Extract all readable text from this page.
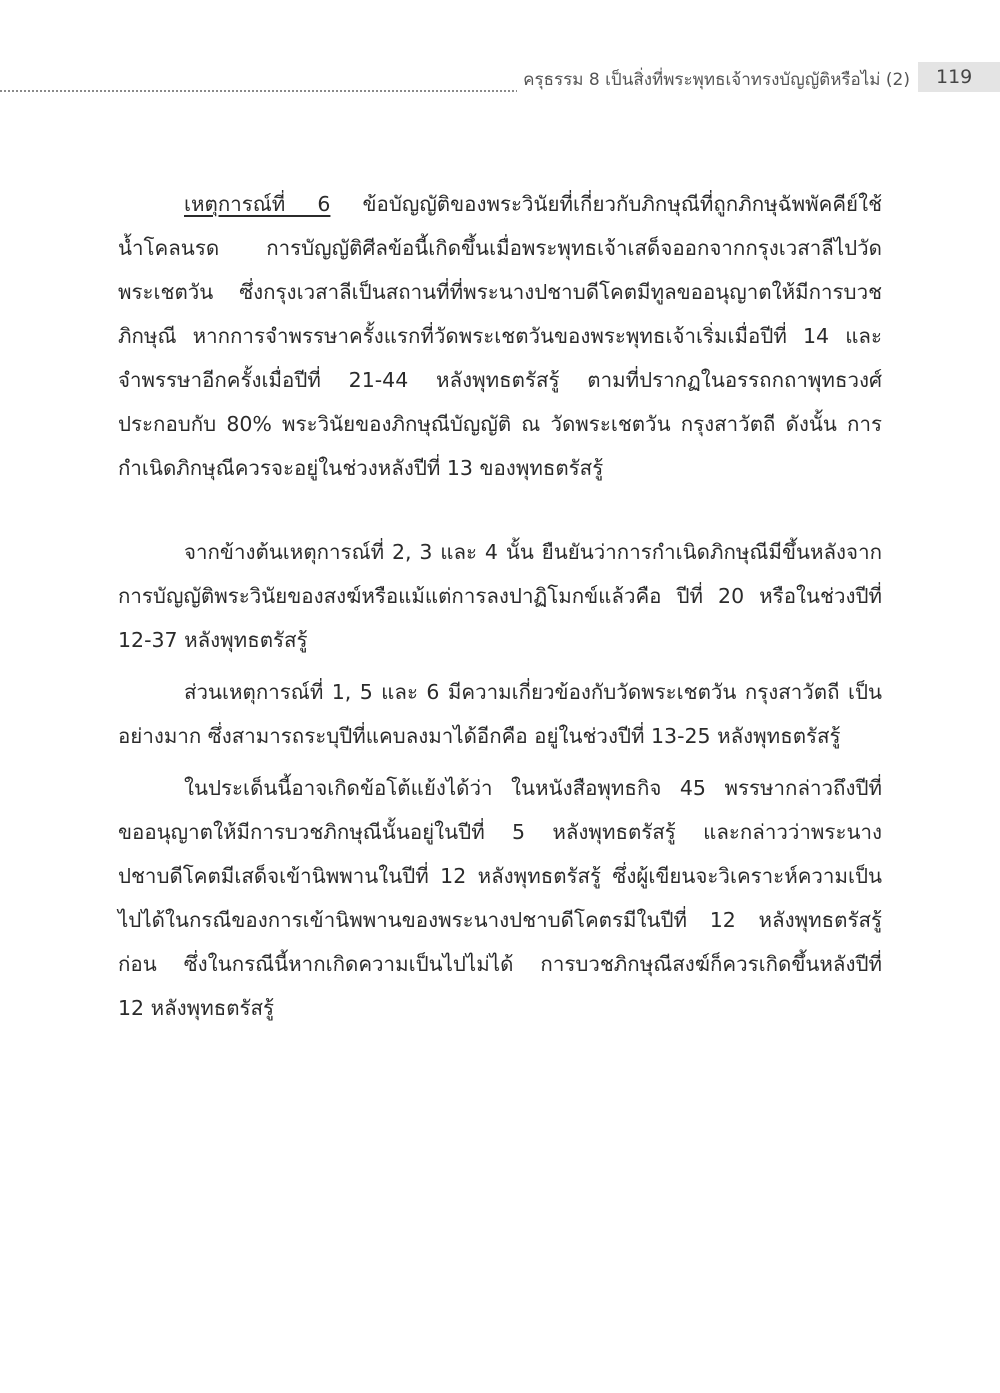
ครุธรรม 8 เป็นสิ่งที่พระพุทธเจ้าทรงบัญญัติหรือไม่ (2)	119
เหตุการณ์ที่ 6 ข้อบัญญัติของพระวินัยที่เกี่ยวกับภิกษุณีที่ถูกภิกษุฉัพพัคคีย์ใช้
น้ำโคลนรด การบัญญัติศีลข้อนี้เกิดขึ้นเมื่อพระพุทธเจ้าเสด็จออกจากกรุงเวสาลีไปวัด
พระเชตวัน ซึ่งกรุงเวสาลีเป็นสถานที่ที่พระนางปชาบดีโคตมีทูลขออนุญาตให้มีการบวช
ภิกษุณี หากการจำพรรษาครั้งแรกที่วัดพระเชตวันของพระพุทธเจ้าเริ่มเมื่อปีที่ 14 และ
จำพรรษาอีกครั้งเมื่อปีที่ 21-44 หลังพุทธตรัสรู้ ตามที่ปรากฏในอรรถกถาพุทธวงศ์
ประกอบกับ 80% พระวินัยของภิกษุณีบัญญัติ ณ วัดพระเชตวัน กรุงสาวัตถี ดังนั้น การ
กำเนิดภิกษุณีควรจะอยู่ในช่วงหลังปีที่ 13 ของพุทธตรัสรู้
จากข้างต้นเหตุการณ์ที่ 2, 3 และ 4 นั้น ยืนยันว่าการกำเนิดภิกษุณีมีขึ้นหลังจาก
การบัญญัติพระวินัยของสงฆ์หรือแม้แต่การลงปาฏิโมกข์แล้วคือ ปีที่ 20 หรือในช่วงปีที่
12-37 หลังพุทธตรัสรู้
ส่วนเหตุการณ์ที่ 1, 5 และ 6 มีความเกี่ยวข้องกับวัดพระเชตวัน กรุงสาวัตถี เป็น
อย่างมาก ซึ่งสามารถระบุปีที่แคบลงมาได้อีกคือ อยู่ในช่วงปีที่ 13-25 หลังพุทธตรัสรู้
ในประเด็นนี้อาจเกิดข้อโต้แย้งได้ว่า ในหนังสือพุทธกิจ 45 พรรษากล่าวถึงปีที่
ขออนุญาตให้มีการบวชภิกษุณีนั้นอยู่ในปีที่ 5 หลังพุทธตรัสรู้ และกล่าวว่าพระนาง
ปชาบดีโคตมีเสด็จเข้านิพพานในปีที่ 12 หลังพุทธตรัสรู้ ซึ่งผู้เขียนจะวิเคราะห์ความเป็น
ไปได้ในกรณีของการเข้านิพพานของพระนางปชาบดีโคตรมีในปีที่ 12 หลังพุทธตรัสรู้
ก่อน ซึ่งในกรณีนี้หากเกิดความเป็นไปไม่ได้ การบวชภิกษุณีสงฆ์ก็ควรเกิดขึ้นหลังปีที่
12 หลังพุทธตรัสรู้
